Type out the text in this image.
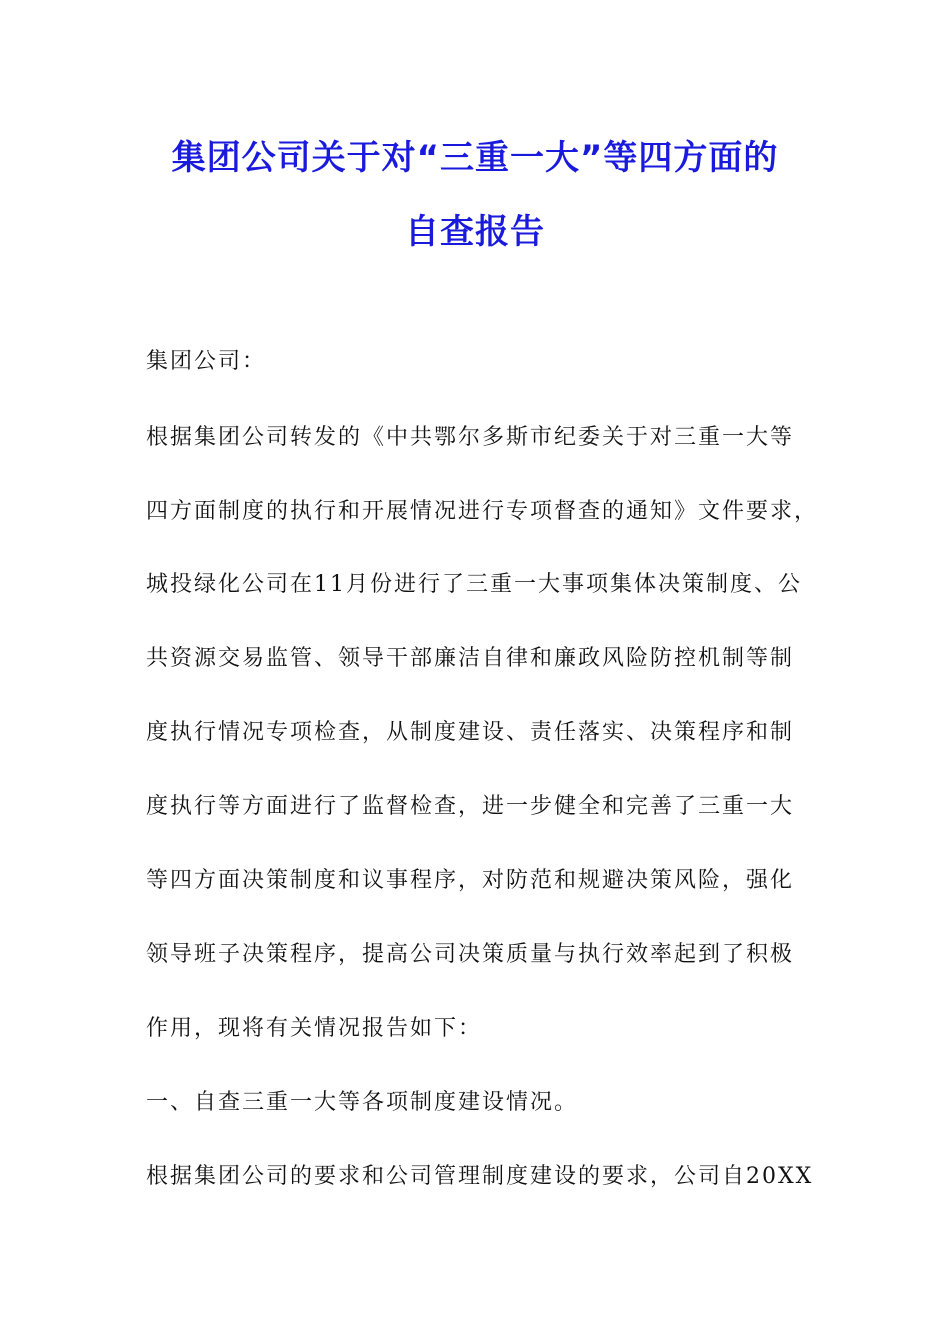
集团公司关于对“三重一大”等四方面的
自查报告
集团公司：
根据集团公司转发的《中共鄂尔多斯市纪委关于对三重一大等
四方面制度的执行和开展情况进行专项督查的通知》文件要求，
城投绿化公司在11月份进行了三重一大事项集体决策制度、公
共资源交易监管、领导干部廉洁自律和廉政风险防控机制等制
度执行情况专项检查，从制度建设、责任落实、决策程序和制
度执行等方面进行了监督检查，进一步健全和完善了三重一大
等四方面决策制度和议事程序，对防范和规避决策风险，强化
领导班子决策程序，提高公司决策质量与执行效率起到了积极
作用，现将有关情况报告如下：
一、自查三重一大等各项制度建设情况。
根据集团公司的要求和公司管理制度建设的要求，公司自20XX
